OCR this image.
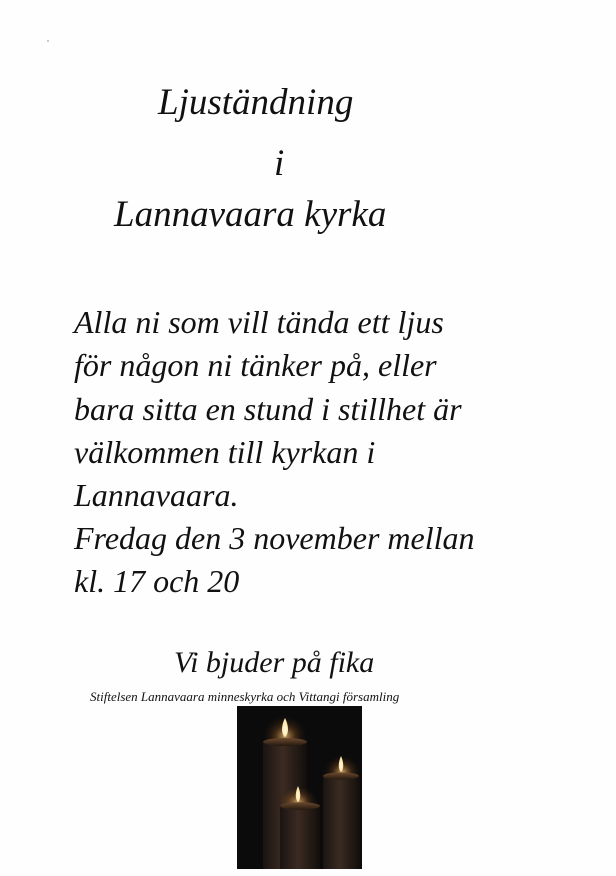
Ljuständning
i
Lannavaara kyrka
Alla ni som vill tända ett ljus
för någon ni tänker på, eller
bara sitta en stund i stillhet är
välkommen till kyrkan i
Lannavaara.
Fredag den 3 november mellan
kl. 17 och 20
Vi bjuder på fika
Stiftelsen Lannavaara minneskyrka och Vittangi församling
